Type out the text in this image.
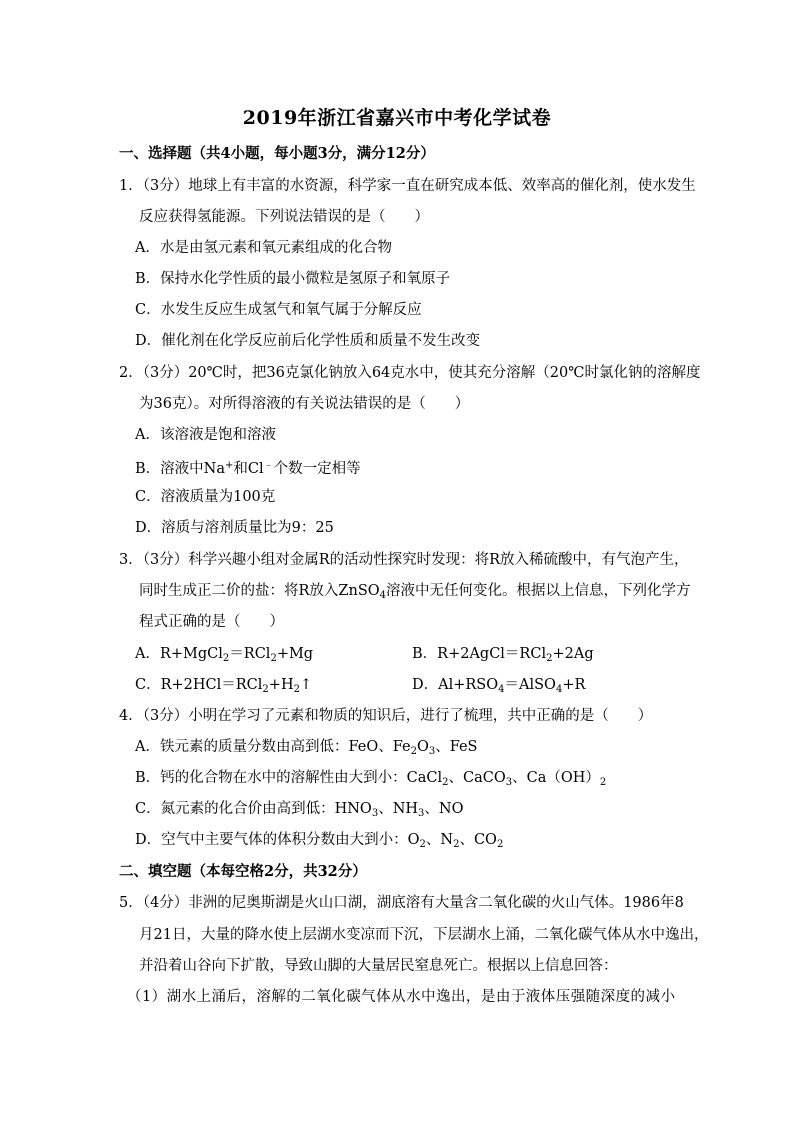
2019年浙江省嘉兴市中考化学试卷
一、选择题（共4小题，每小题3分，满分12分）
1．（3分）地球上有丰富的水资源，科学家一直在研究成本低、效率高的催化剂，使水发生
反应获得氢能源。下列说法错误的是（　　）
A．水是由氢元素和氧元素组成的化合物
B．保持水化学性质的最小微粒是氢原子和氧原子
C．水发生反应生成氢气和氧气属于分解反应
D．催化剂在化学反应前后化学性质和质量不发生改变
2．（3分）20℃时，把36克氯化钠放入64克水中，使其充分溶解（20℃时氯化钠的溶解度
为36克）。对所得溶液的有关说法错误的是（　　）
A．该溶液是饱和溶液
B．溶液中Na+和Cl﹣个数一定相等
C．溶液质量为100克
D．溶质与溶剂质量比为9：25
3．（3分）科学兴趣小组对金属R的活动性探究时发现：将R放入稀硫酸中，有气泡产生，
同时生成正二价的盐：将R放入ZnSO$_4$溶液中无任何变化。根据以上信息，下列化学方
程式正确的是（　　）
A．R+MgCl$_2$＝RCl$_2$+Mg	B．R+2AgCl＝RCl$_2$+2Ag
C．$R+2HCl=RCl_2+H_2↑$	D．$Al+RSO_4=AlSO_4+R$
4．（3分）小明在学习了元素和物质的知识后，进行了梳理，共中正确的是（　　）
A．铁元素的质量分数由高到低：FeO、$Fe_2O_3$、FeS
B．钙的化合物在水中的溶解性由大到小：CaCl$_2$、CaCO$_3$、$Ca(OH)_2$
C．氮元素的化合价由高到低：$HNO_3$、$NH_3$、NO
D．空气中主要气体的体积分数由大到小：$O_2$、$N_2$、$CO_2$
二、填空题（本每空格2分，共32分）
5．（4分）非洲的尼奥斯湖是火山口湖，湖底溶有大量含二氧化碳的火山气体。1986年8
月21日，大量的降水使上层湖水变凉而下沉，下层湖水上涌，二氧化碳气体从水中逸出，
并沿着山谷向下扩散，导致山脚的大量居民窒息死亡。根据以上信息回答：
（1）湖水上涌后，溶解的二氧化碳气体从水中逸出，是由于液体压强随深度的减小
